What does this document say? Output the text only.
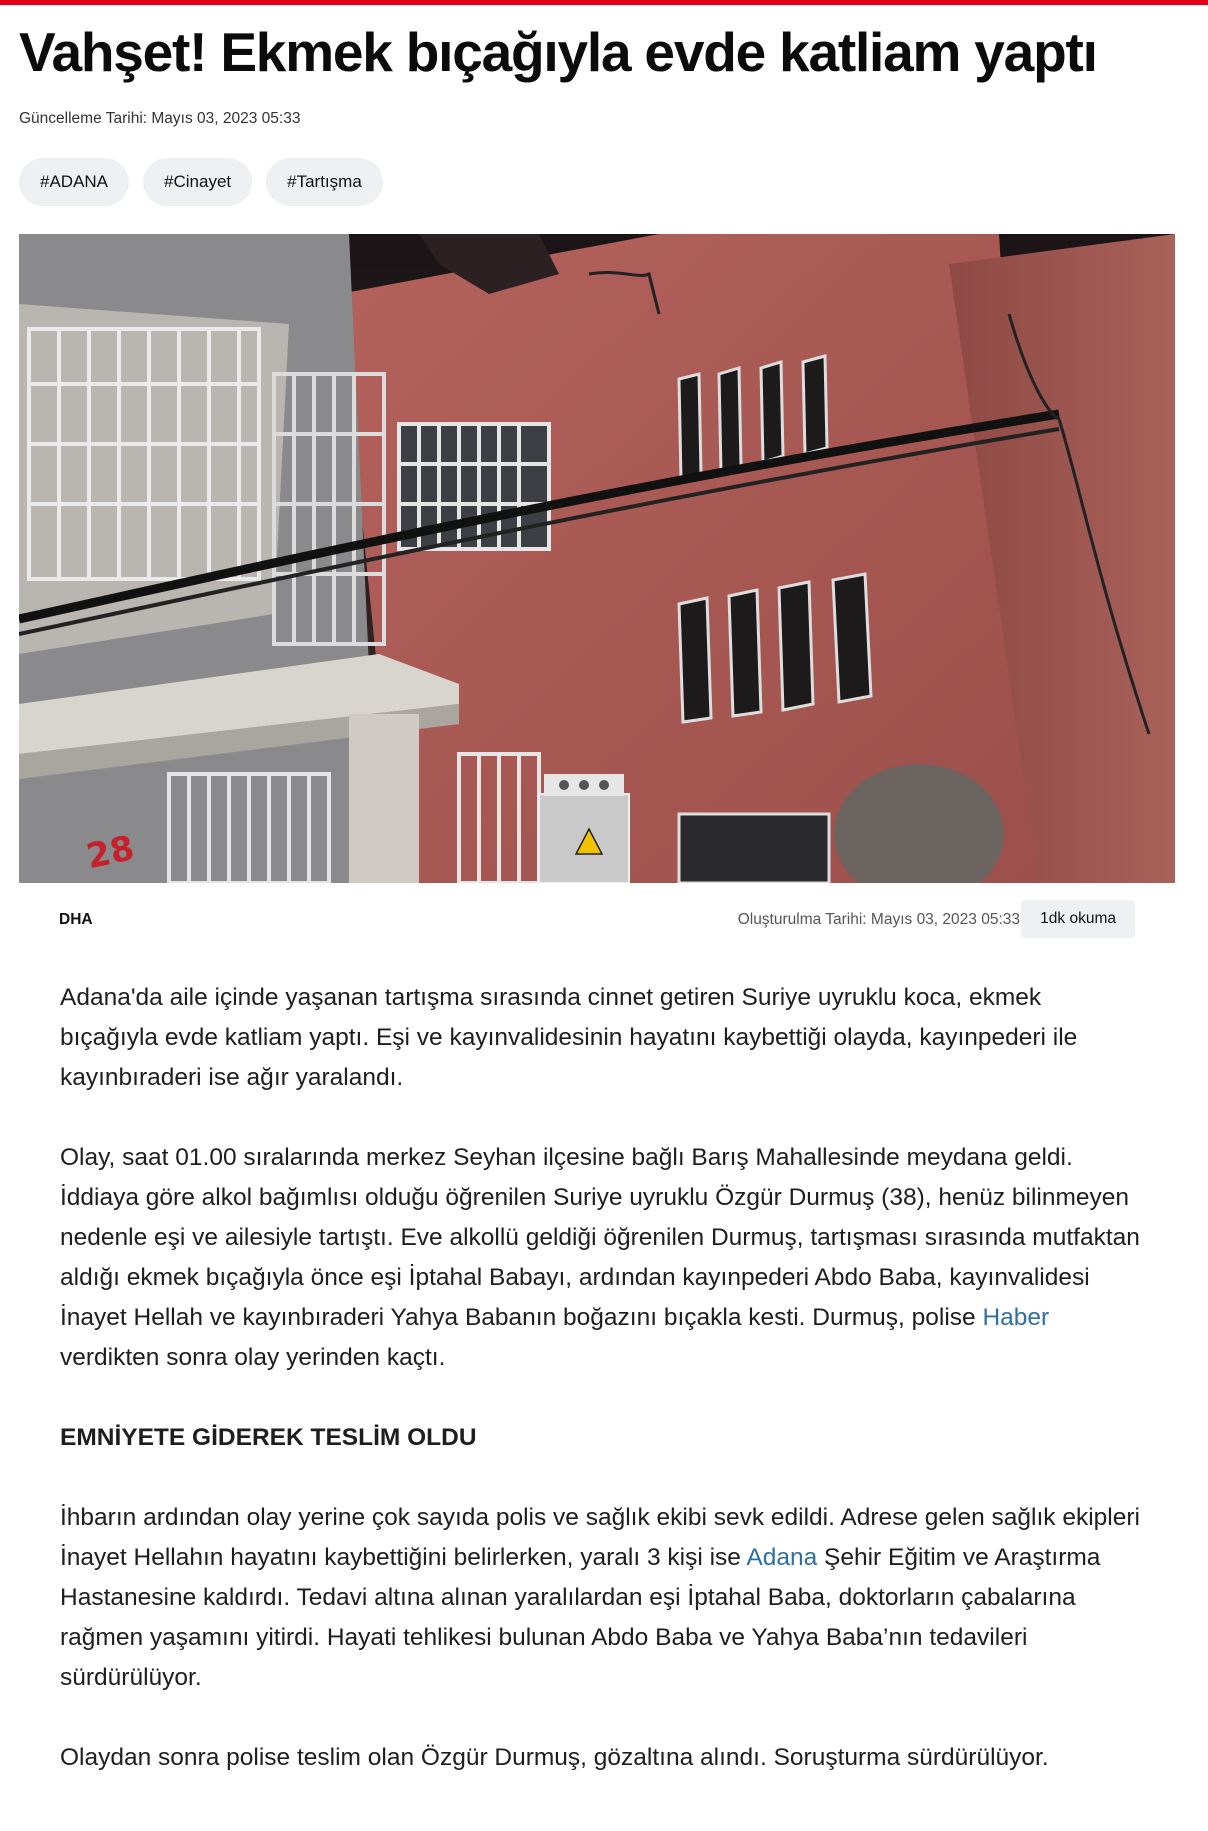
Vahşet! Ekmek bıçağıyla evde katliam yaptı
Güncelleme Tarihi: Mayıs 03, 2023 05:33
#ADANA	#Cinayet	#Tartışma
28
DHA	Oluşturulma Tarihi: Mayıs 03, 2023 05:33	1dk okuma

Adana'da aile içinde yaşanan tartışma sırasında cinnet getiren Suriye uyruklu koca, ekmek bıçağıyla evde katliam yaptı. Eşi ve kayınvalidesinin hayatını kaybettiği olayda, kayınpederi ile kayınbıraderi ise ağır yaralandı.

Olay, saat 01.00 sıralarında merkez Seyhan ilçesine bağlı Barış Mahallesinde meydana geldi. İddiaya göre alkol bağımlısı olduğu öğrenilen Suriye uyruklu Özgür Durmuş (38), henüz bilinmeyen nedenle eşi ve ailesiyle tartıştı. Eve alkollü geldiği öğrenilen Durmuş, tartışması sırasında mutfaktan aldığı ekmek bıçağıyla önce eşi İptahal Babayı, ardından kayınpederi Abdo Baba, kayınvalidesi İnayet Hellah ve kayınbıraderi Yahya Babanın boğazını bıçakla kesti. Durmuş, polise Haber verdikten sonra olay yerinden kaçtı.

EMNİYETE GİDEREK TESLİM OLDU

İhbarın ardından olay yerine çok sayıda polis ve sağlık ekibi sevk edildi. Adrese gelen sağlık ekipleri İnayet Hellahın hayatını kaybettiğini belirlerken, yaralı 3 kişi ise Adana Şehir Eğitim ve Araştırma Hastanesine kaldırdı. Tedavi altına alınan yaralılardan eşi İptahal Baba, doktorların çabalarına rağmen yaşamını yitirdi. Hayati tehlikesi bulunan Abdo Baba ve Yahya Baba’nın tedavileri sürdürülüyor.

Olaydan sonra polise teslim olan Özgür Durmuş, gözaltına alındı. Soruşturma sürdürülüyor.
